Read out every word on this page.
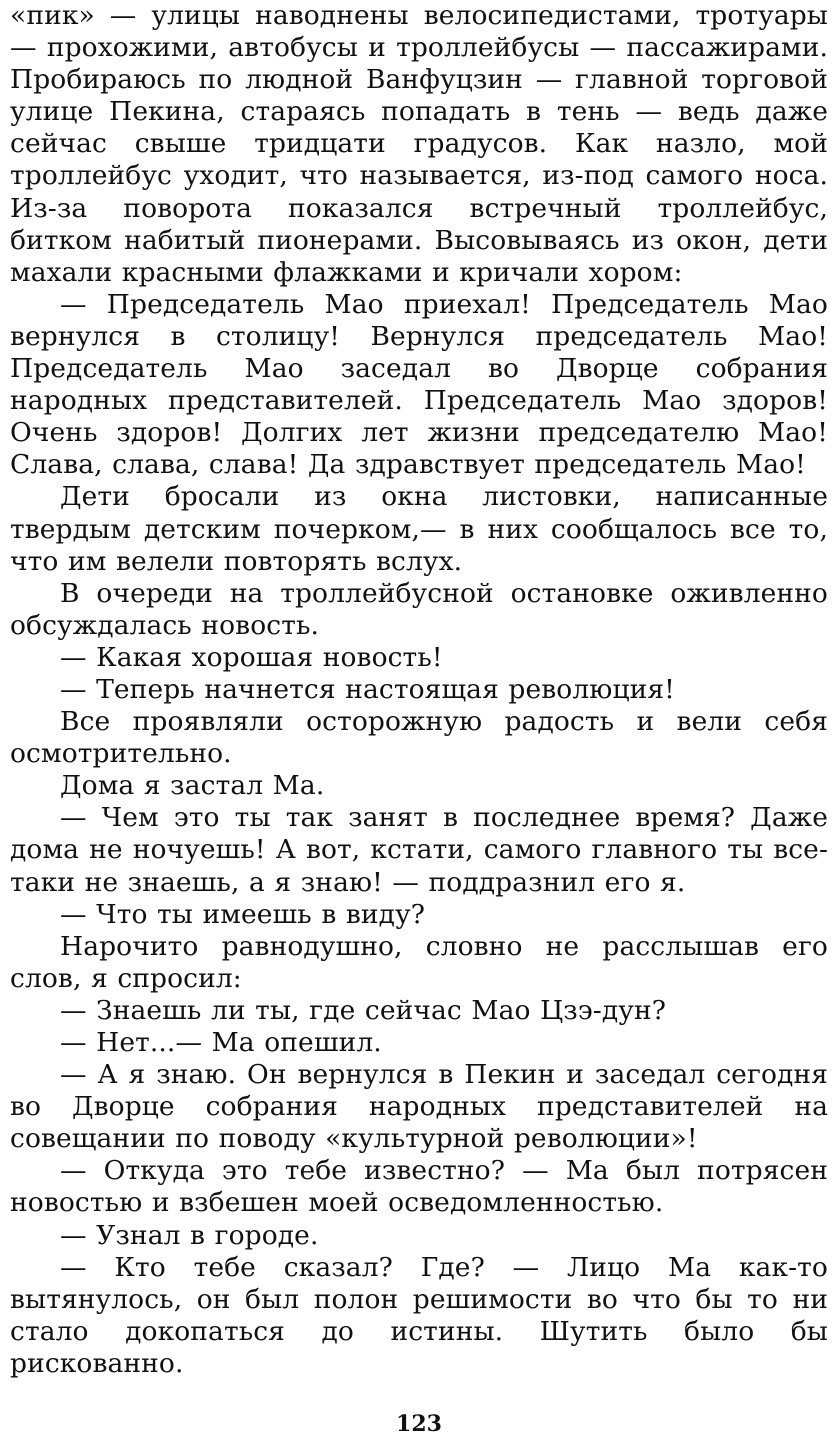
«пик» — улицы наводнены велосипедистами, тротуары — прохожими, автобусы и троллейбусы — пассажирами. Пробираюсь по людной Ванфуцзин — главной торговой улице Пекина, стараясь попадать в тень — ведь даже сейчас свыше тридцати градусов. Как назло, мой троллейбус уходит, что называется, из-под самого носа. Из-за поворота показался встречный троллейбус, битком набитый пионерами. Высовываясь из окон, дети махали красными флажками и кричали хором:

— Председатель Мао приехал! Председатель Мао вернулся в столицу! Вернулся председатель Мао! Председатель Мао заседал во Дворце собрания народных представителей. Председатель Мао здоров! Очень здоров! Долгих лет жизни председателю Мао! Слава, слава, слава! Да здравствует председатель Мао!

Дети бросали из окна листовки, написанные твердым детским почерком,— в них сообщалось все то, что им велели повторять вслух.

В очереди на троллейбусной остановке оживленно обсуждалась новость.

— Какая хорошая новость!

— Теперь начнется настоящая революция!

Все проявляли осторожную радость и вели себя осмотрительно.

Дома я застал Ма.

— Чем это ты так занят в последнее время? Даже дома не ночуешь! А вот, кстати, самого главного ты все-таки не знаешь, а я знаю! — поддразнил его я.

— Что ты имеешь в виду?

Нарочито равнодушно, словно не расслышав его слов, я спросил:

— Знаешь ли ты, где сейчас Мао Цзэ-дун?

— Нет...— Ма опешил.

— А я знаю. Он вернулся в Пекин и заседал сегодня во Дворце собрания народных представителей на совещании по поводу «культурной революции»!

— Откуда это тебе известно? — Ма был потрясен новостью и взбешен моей осведомленностью.

— Узнал в городе.

— Кто тебе сказал? Где? — Лицо Ма как-то вытянулось, он был полон решимости во что бы то ни стало докопаться до истины. Шутить было бы рискованно.

123
